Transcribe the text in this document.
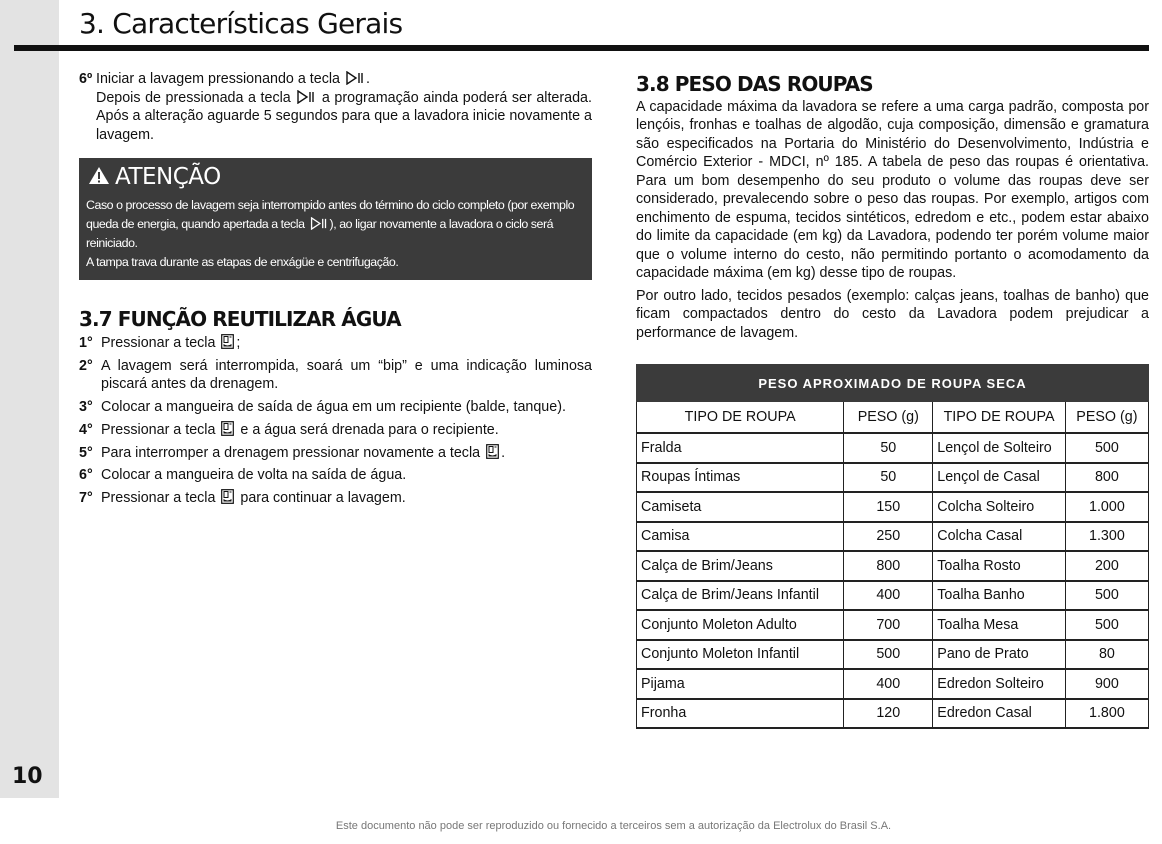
10
3. Características Gerais
6º Iniciar a lavagem pressionando a tecla .
Depois de pressionada a tecla a programação ainda poderá ser alterada. Após a alteração aguarde 5 segundos para que a lavadora inicie novamente a lavagem.
ATENÇÃO
Caso o processo de lavagem seja interrompido antes do término do ciclo completo (por exemplo queda de energia, quando apertada a tecla ), ao ligar novamente a lavadora o ciclo será reiniciado.
A tampa trava durante as etapas de enxágüe e centrifugação.
3.7 FUNÇÃO REUTILIZAR ÁGUA
1° Pressionar a tecla ;
2° A lavagem será interrompida, soará um “bip” e uma indicação luminosa piscará antes da drenagem.
3° Colocar a mangueira de saída de água em um recipiente (balde, tanque).
4° Pressionar a tecla e a água será drenada para o recipiente.
5° Para interromper a drenagem pressionar novamente a tecla .
6° Colocar a mangueira de volta na saída de água.
7° Pressionar a tecla para continuar a lavagem.
3.8 PESO DAS ROUPAS

A capacidade máxima da lavadora se refere a uma carga padrão, composta por lençóis, fronhas e toalhas de algodão, cuja composição, dimensão e gramatura são especificados na Portaria do Ministério do Desenvolvimento, Indústria e Comércio Exterior - MDCI, nº 185. A tabela de peso das roupas é orientativa. Para um bom desempenho do seu produto o volume das roupas deve ser considerado, prevalecendo sobre o peso das roupas. Por exemplo, artigos com enchimento de espuma, tecidos sintéticos, edredom e etc., podem estar abaixo do limite da capacidade (em kg) da Lavadora, podendo ter porém volume maior que o volume interno do cesto, não permitindo portanto o acomodamento da capacidade máxima (em kg) desse tipo de roupas.

Por outro lado, tecidos pesados (exemplo: calças jeans, toalhas de banho) que ficam compactados dentro do cesto da Lavadora podem prejudicar a performance de lavagem.

PESO APROXIMADO DE ROUPA SECA			
TIPO DE ROUPA	PESO (g)	TIPO DE ROUPA	PESO (g)
Fralda	50	Lençol de Solteiro	500
Roupas Íntimas	50	Lençol de Casal	800
Camiseta	150	Colcha Solteiro	1.000
Camisa	250	Colcha Casal	1.300
Calça de Brim/Jeans	800	Toalha Rosto	200
Calça de Brim/Jeans Infantil	400	Toalha Banho	500
Conjunto Moleton Adulto	700	Toalha Mesa	500
Conjunto Moleton Infantil	500	Pano de Prato	80
Pijama	400	Edredon Solteiro	900
Fronha	120	Edredon Casal	1.800
Este documento não pode ser reproduzido ou fornecido a terceiros sem a autorização da Electrolux do Brasil S.A.
